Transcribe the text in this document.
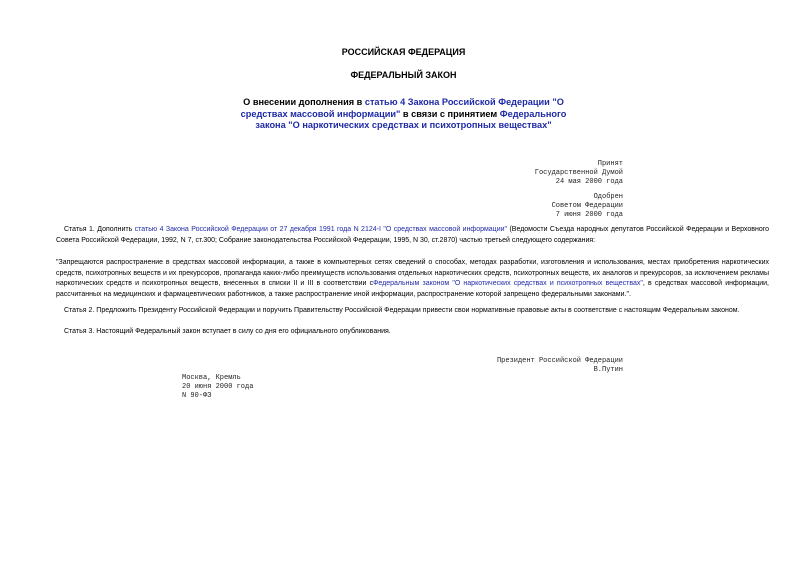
РОССИЙСКАЯ ФЕДЕРАЦИЯ
ФЕДЕРАЛЬНЫЙ ЗАКОН
О внесении дополнения в статью 4 Закона Российской Федерации "О средствах массовой информации" в связи с принятием Федерального закона "О наркотических средствах и психотропных веществах"
Принят
Государственной Думой
24 мая 2000 года
Одобрен
Советом Федерации
7 июня 2000 года
Статья 1. Дополнить статью 4 Закона Российской Федерации от 27 декабря 1991 года N 2124-I "О средствах массовой информации" (Ведомости Съезда народных депутатов Российской Федерации и Верховного Совета Российской Федерации, 1992, N 7, ст.300; Собрание законодательства Российской Федерации, 1995, N 30, ст.2870) частью третьей следующего содержания:
"Запрещаются распространение в средствах массовой информации, а также в компьютерных сетях сведений о способах, методах разработки, изготовления и использования, местах приобретения наркотических средств, психотропных веществ и их прекурсоров, пропаганда каких-либо преимуществ использования отдельных наркотических средств, психотропных веществ, их аналогов и прекурсоров, за исключением рекламы наркотических средств и психотропных веществ, внесенных в списки II и III в соответствии сФедеральным законом "О наркотических средствах и психотропных веществах", в средствах массовой информации, рассчитанных на медицинских и фармацевтических работников, а также распространение иной информации, распространение которой запрещено федеральными законами.".
Статья 2. Предложить Президенту Российской Федерации и поручить Правительству Российской Федерации привести свои нормативные правовые акты в соответствие с настоящим Федеральным законом.
Статья 3. Настоящий Федеральный закон вступает в силу со дня его официального опубликования.
Президент Российской Федерации
В.Путин
Москва, Кремль
20 июня 2000 года
N 90-ФЗ
